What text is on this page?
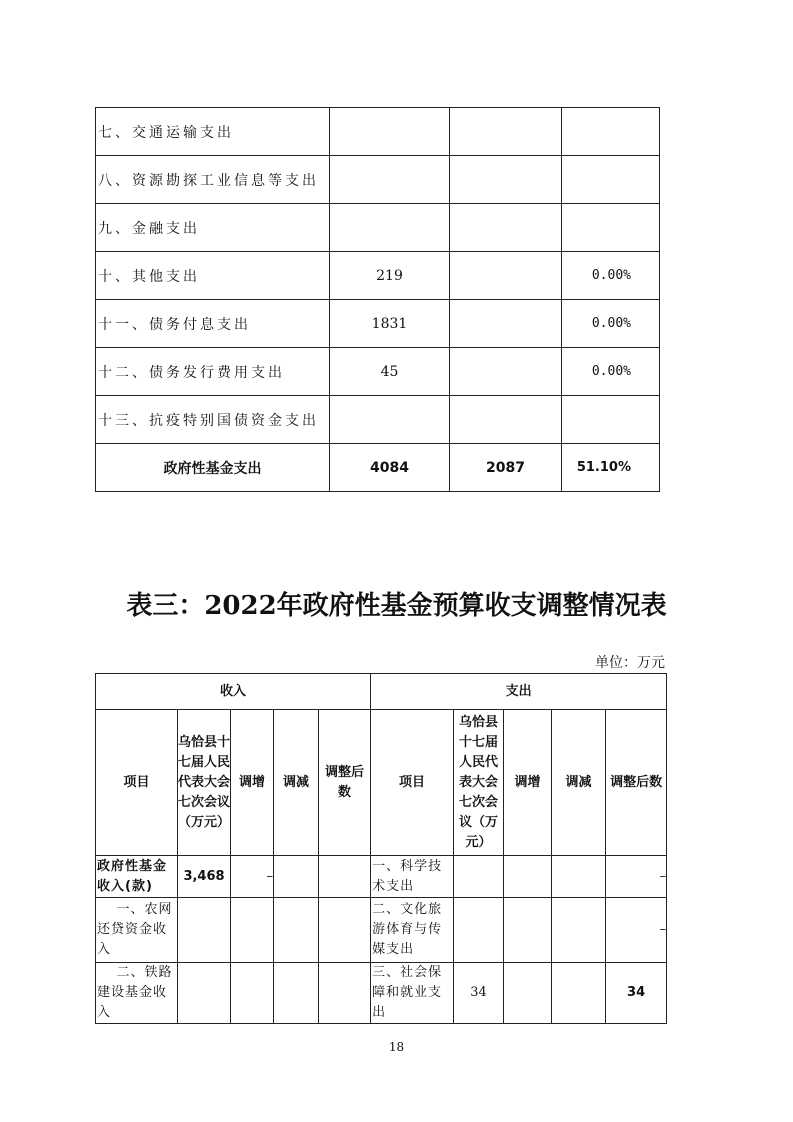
七、交通运输支出			
八、资源勘探工业信息等支出			
九、金融支出			
十、其他支出	219		0.00%
十一、债务付息支出	1831		0.00%
十二、债务发行费用支出	45		0.00%
十三、抗疫特别国债资金支出			
政府性基金支出	4084	2087	51.10%
表三：2022年政府性基金预算收支调整情况表
单位：万元
收入					支出				
项目	乌恰县十七届人民代表大会七次会议（万元）	调增	调减	调整后数	项目	乌恰县十七届人民代表大会七次会议（万元）	调增	调减	调整后数
政府性基金收入(款)	3,468	–			一、科学技术支出				–
一、农网还贷资金收入					二、文化旅游体育与传媒支出				–
二、铁路建设基金收入					三、社会保障和就业支出	34			34
18
